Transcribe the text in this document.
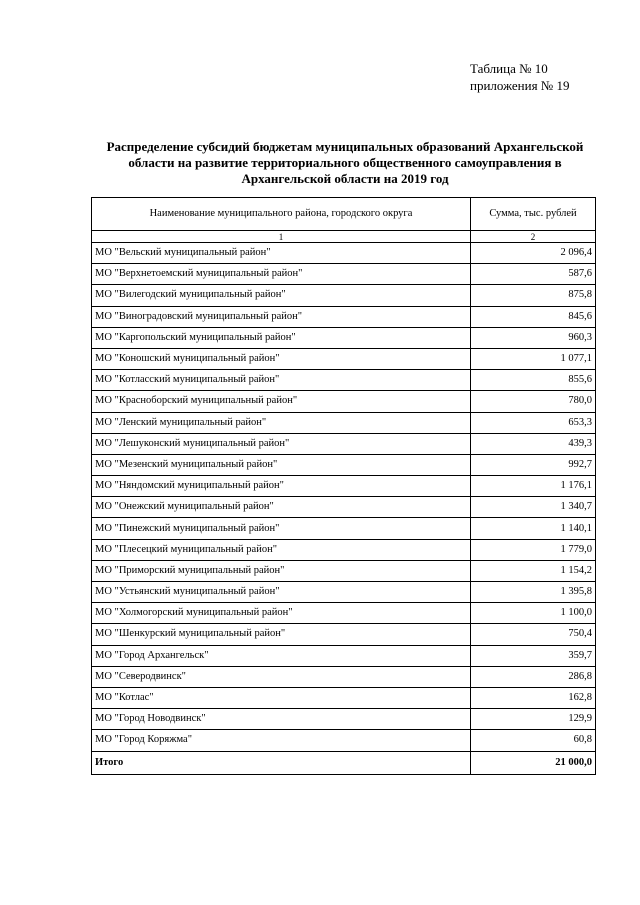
Таблица № 10
приложения № 19
Распределение субсидий бюджетам муниципальных образований Архангельской области на развитие территориального общественного самоуправления в Архангельской области на 2019 год
Наименование муниципального района, городского округа	Сумма, тыс. рублей
1	2
МО "Вельский муниципальный район"	2 096,4
МО "Верхнетоемский муниципальный район"	587,6
МО "Вилегодский муниципальный район"	875,8
МО "Виноградовский муниципальный район"	845,6
МО "Каргопольский муниципальный район"	960,3
МО "Коношский муниципальный район"	1 077,1
МО "Котласский муниципальный район"	855,6
МО "Красноборский муниципальный район"	780,0
МО "Ленский муниципальный район"	653,3
МО "Лешуконский муниципальный район"	439,3
МО "Мезенский муниципальный район"	992,7
МО "Няндомский муниципальный район"	1 176,1
МО "Онежский муниципальный район"	1 340,7
МО "Пинежский муниципальный район"	1 140,1
МО "Плесецкий муниципальный район"	1 779,0
МО "Приморский муниципальный район"	1 154,2
МО "Устьянский муниципальный район"	1 395,8
МО "Холмогорский муниципальный район"	1 100,0
МО "Шенкурский муниципальный район"	750,4
МО "Город Архангельск"	359,7
МО "Северодвинск"	286,8
МО "Котлас"	162,8
МО "Город Новодвинск"	129,9
МО "Город Коряжма"	60,8
Итого	21 000,0
